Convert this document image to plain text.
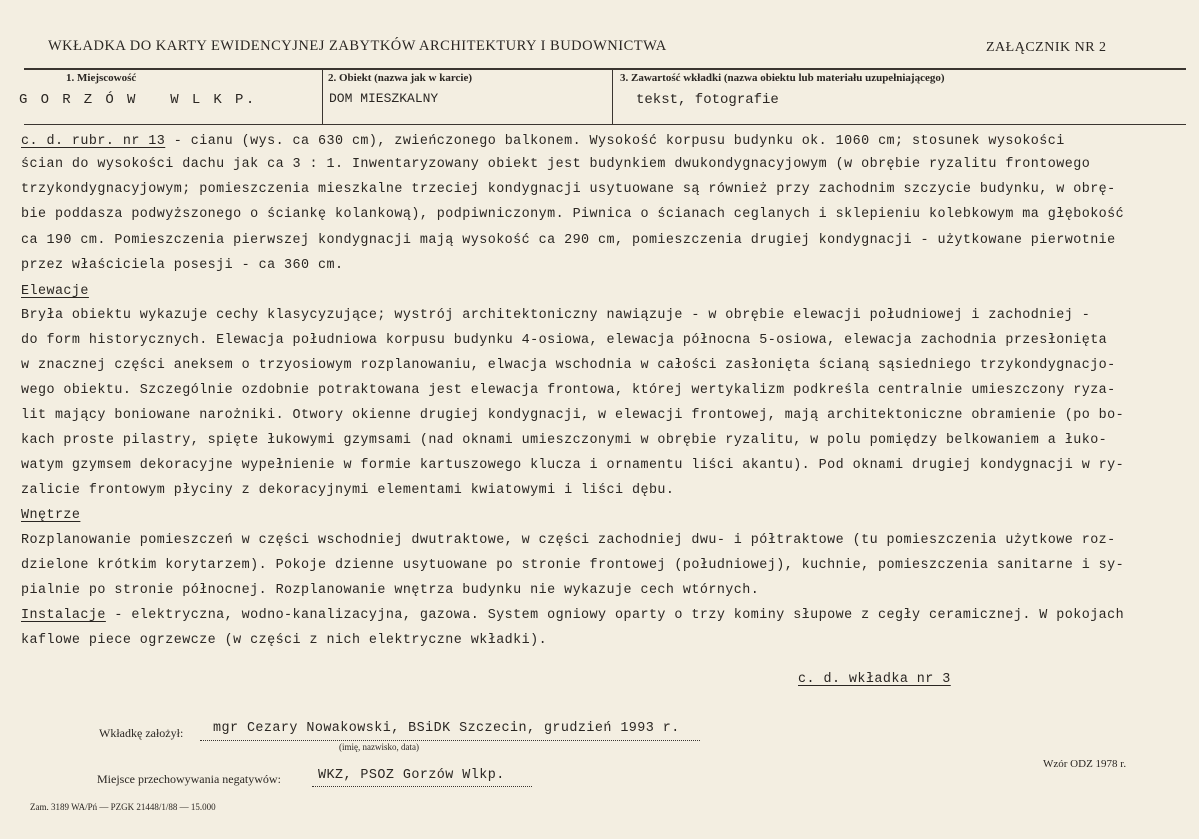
WKŁADKA DO KARTY EWIDENCYJNEJ ZABYTKÓW ARCHITEKTURY I BUDOWNICTWA	ZAŁĄCZNIK NR 2
1. Miejscowość
G O R Z Ó W   W L K P.
2. Obiekt (nazwa jak w karcie)
DOM MIESZKALNY
3. Zawartość wkładki (nazwa obiektu lub materiału uzupełniającego)
tekst, fotografie
c. d. rubr. nr 13 - cianu (wys. ca 630 cm), zwieńczonego balkonem. Wysokość korpusu budynku ok. 1060 cm; stosunek wysokości
ścian do wysokości dachu jak ca 3 : 1. Inwentaryzowany obiekt jest budynkiem dwukondygnacyjowym (w obrębie ryzalitu frontowego
trzykondygnacyjowym; pomieszczenia mieszkalne trzeciej kondygnacji usytuowane są również przy zachodnim szczycie budynku, w obrę-
bie poddasza podwyższonego o ściankę kolankową), podpiwniczonym. Piwnica o ścianach ceglanych i sklepieniu kolebkowym ma głębokość
ca 190 cm. Pomieszczenia pierwszej kondygnacji mają wysokość ca 290 cm, pomieszczenia drugiej kondygnacji - użytkowane pierwotnie
przez właściciela posesji - ca 360 cm.
Elewacje
Bryła obiektu wykazuje cechy klasycyzujące; wystrój architektoniczny nawiązuje - w obrębie elewacji południowej i zachodniej -
do form historycznych. Elewacja południowa korpusu budynku 4-osiowa, elewacja północna 5-osiowa, elewacja zachodnia przesłonięta
w znacznej części aneksem o trzyosiowym rozplanowaniu, elwacja wschodnia w całości zasłonięta ścianą sąsiedniego trzykondygnacjo-
wego obiektu. Szczególnie ozdobnie potraktowana jest elewacja frontowa, której wertykalizm podkreśla centralnie umieszczony ryza-
lit mający boniowane narożniki. Otwory okienne drugiej kondygnacji, w elewacji frontowej, mają architektoniczne obramienie (po bo-
kach proste pilastry, spięte łukowymi gzymsami (nad oknami umieszczonymi w obrębie ryzalitu, w polu pomiędzy belkowaniem a łuko-
watym gzymsem dekoracyjne wypełnienie w formie kartuszowego klucza i ornamentu liści akantu). Pod oknami drugiej kondygnacji w ry-
zalicie frontowym płyciny z dekoracyjnymi elementami kwiatowymi i liści dębu.
Wnętrze
Rozplanowanie pomieszczeń w części wschodniej dwutraktowe, w części zachodniej dwu- i półtraktowe (tu pomieszczenia użytkowe roz-
dzielone krótkim korytarzem). Pokoje dzienne usytuowane po stronie frontowej (południowej), kuchnie, pomieszczenia sanitarne i sy-
pialnie po stronie północnej. Rozplanowanie wnętrza budynku nie wykazuje cech wtórnych.
Instalacje - elektryczna, wodno-kanalizacyjna, gazowa. System ogniowy oparty o trzy kominy słupowe z cegły ceramicznej. W pokojach
kaflowe piece ogrzewcze (w części z nich elektryczne wkładki).
c. d. wkładka nr 3
Wkładkę założył: mgr Cezary Nowakowski, BSiDK Szczecin, grudzień 1993 r.
(imię, nazwisko, data)
Wzór ODZ 1978 r.
Miejsce przechowywania negatywów:	WKZ, PSOZ Gorzów Wlkp.
Zam. 3189 WA/Pń — PZGK 21448/1/88 — 15.000
